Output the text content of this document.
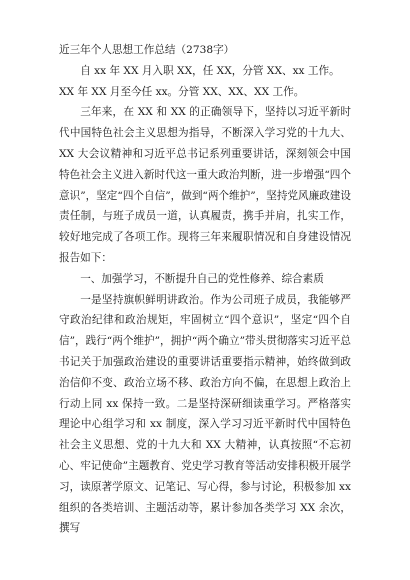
近三年个人思想工作总结（2738字）

自 xx 年 XX 月入职 XX，任 XX，分管 XX、xx 工作。

XX 年 XX 月至今任 xx。分管 XX、XX、XX 工作。

三年来，在 XX 和 XX 的正确领导下，坚持以习近平新时代中国特色社会主义思想为指导，不断深入学习党的十九大、XX 大会议精神和习近平总书记系列重要讲话，深刻领会中国特色社会主义进入新时代这一重大政治判断，进一步增强“四个意识”，坚定“四个自信”，做到“两个维护”，坚持党风廉政建设责任制，与班子成员一道，认真履责，携手并肩，扎实工作，较好地完成了各项工作。现将三年来履职情况和自身建设情况报告如下：

一、加强学习，不断提升自己的党性修养、综合素质

一是坚持旗帜鲜明讲政治。作为公司班子成员，我能够严守政治纪律和政治规矩，牢固树立“四个意识”，坚定“四个自信”，践行“两个维护”，拥护“两个确立”带头贯彻落实习近平总书记关于加强政治建设的重要讲话重要指示精神，始终做到政治信仰不变、政治立场不移、政治方向不偏，在思想上政治上行动上同 xx 保持一致。二是坚持深研细读重学习。严格落实理论中心组学习和 xx 制度，深入学习习近平新时代中国特色社会主义思想、党的十九大和 XX 大精神，认真按照“不忘初心、牢记使命”主题教育、党史学习教育等活动安排积极开展学习，读原著学原文、记笔记、写心得，参与讨论，积极参加 xx 组织的各类培训、主题活动等，累计参加各类学习 XX 余次，撰写
